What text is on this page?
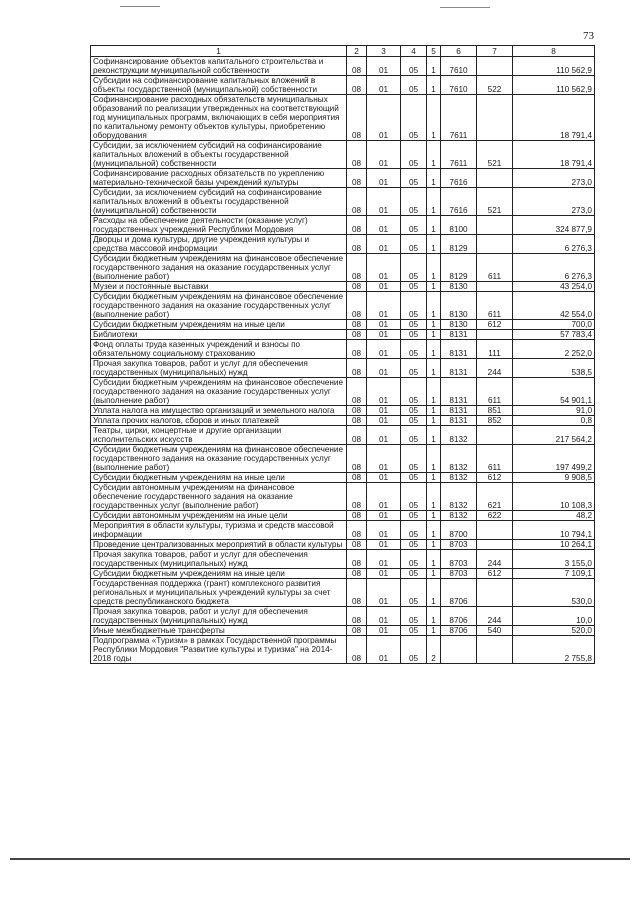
73
1	2	3	4	5	6	7	8
Софинансирование объектов капитального строительства и реконструкции муниципальной собственности	08	01	05	1	7610		110 562,9
Субсидии на софинансирование капитальных вложений в объекты государственной (муниципальной) собственности	08	01	05	1	7610	522	110 562,9
Софинансирование расходных обязательств муниципальных образований по реализации утвержденных на соответствующий год муниципальных программ, включающих в себя мероприятия по капитальному ремонту объектов культуры, приобретению оборудования	08	01	05	1	7611		18 791,4
Субсидии, за исключением субсидий на софинансирование капитальных вложений в объекты государственной (муниципальной) собственности	08	01	05	1	7611	521	18 791,4
Софинансирование расходных обязательств по укреплению материально-технической базы учреждений культуры	08	01	05	1	7616		273,0
Субсидии, за исключением субсидий на софинансирование капитальных вложений в объекты государственной (муниципальной) собственности	08	01	05	1	7616	521	273,0
Расходы на обеспечение деятельности (оказание услуг) государственных учреждений Республики Мордовия	08	01	05	1	8100		324 877,9
Дворцы и дома культуры, другие учреждения культуры и средства массовой информации	08	01	05	1	8129		6 276,3
Субсидии бюджетным учреждениям на финансовое обеспечение государственного задания на оказание государственных услуг (выполнение работ)	08	01	05	1	8129	611	6 276,3
Музеи и постоянные выставки	08	01	05	1	8130		43 254,0
Субсидии бюджетным учреждениям на финансовое обеспечение государственного задания на оказание государственных услуг (выполнение работ)	08	01	05	1	8130	611	42 554,0
Субсидии бюджетным учреждениям на иные цели	08	01	05	1	8130	612	700,0
Библиотеки	08	01	05	1	8131		57 783,4
Фонд оплаты труда казенных учреждений и взносы по обязательному социальному страхованию	08	01	05	1	8131	111	2 252,0
Прочая закупка товаров, работ и услуг для обеспечения государственных (муниципальных) нужд	08	01	05	1	8131	244	538,5
Субсидии бюджетным учреждениям на финансовое обеспечение государственного задания на оказание государственных услуг (выполнение работ)	08	01	05	1	8131	611	54 901,1
Уплата налога на имущество организаций и земельного налога	08	01	05	1	8131	851	91,0
Уплата прочих налогов, сборов и иных платежей	08	01	05	1	8131	852	0,8
Театры, цирки, концертные и другие организации исполнительских искусств	08	01	05	1	8132		217 564,2
Субсидии бюджетным учреждениям на финансовое обеспечение государственного задания на оказание государственных услуг (выполнение работ)	08	01	05	1	8132	611	197 499,2
Субсидии бюджетным учреждениям на иные цели	08	01	05	1	8132	612	9 908,5
Субсидии автономным учреждениям на финансовое обеспечение государственного задания на оказание государственных услуг (выполнение работ)	08	01	05	1	8132	621	10 108,3
Субсидии автономным учреждениям на иные цели	08	01	05	1	8132	622	48,2
Мероприятия в области культуры, туризма и средств массовой информации	08	01	05	1	8700		10 794,1
Проведение централизованных мероприятий в области культуры	08	01	05	1	8703		10 264,1
Прочая закупка товаров, работ и услуг для обеспечения государственных (муниципальных) нужд	08	01	05	1	8703	244	3 155,0
Субсидии бюджетным учреждениям на иные цели	08	01	05	1	8703	612	7 109,1
Государственная поддержка (грант) комплексного развития региональных и муниципальных учреждений культуры за счет средств республиканского бюджета	08	01	05	1	8706		530,0
Прочая закупка товаров, работ и услуг для обеспечения государственных (муниципальных) нужд	08	01	05	1	8706	244	10,0
Иные межбюджетные трансферты	08	01	05	1	8706	540	520,0
Подпрограмма «Туризм» в рамках Государственной программы Республики Мордовия "Развитие культуры и туризма" на 2014-2018 годы	08	01	05	2			2 755,8
